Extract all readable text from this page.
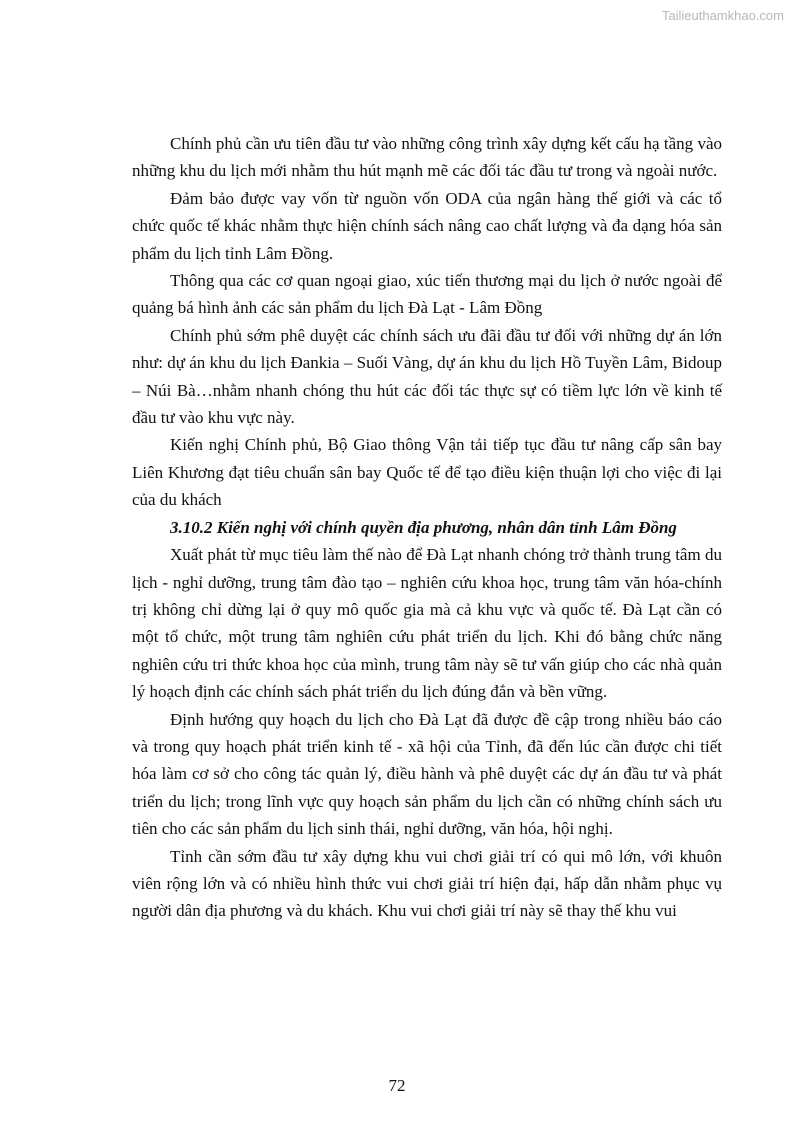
Tailieuthamkhao.com

Chính phủ cần ưu tiên đầu tư vào những công trình xây dựng kết cấu hạ tầng vào những khu du lịch mới nhằm thu hút mạnh mẽ các đối tác đầu tư trong và ngoài nước.

Đảm bảo được vay vốn từ nguồn vốn ODA của ngân hàng thế giới và các tổ chức quốc tế khác nhằm thực hiện chính sách nâng cao chất lượng và đa dạng hóa sản phẩm du lịch tỉnh Lâm Đồng.

Thông qua các cơ quan ngoại giao, xúc tiến thương mại du lịch ở nước ngoài để quảng bá hình ảnh các sản phẩm du lịch Đà Lạt - Lâm Đồng

Chính phủ sớm phê duyệt các chính sách ưu đãi đầu tư đối với những dự án lớn như: dự án khu du lịch Đankia – Suối Vàng, dự án khu du lịch Hồ Tuyền Lâm, Bidoup – Núi Bà…nhằm nhanh chóng thu hút các đối tác thực sự có tiềm lực lớn về kinh tế đầu tư vào khu vực này.

Kiến nghị Chính phủ, Bộ Giao thông Vận tải tiếp tục đầu tư nâng cấp sân bay Liên Khương đạt tiêu chuẩn sân bay Quốc tế để tạo điều kiện thuận lợi cho việc đi lại của du khách

3.10.2 Kiến nghị với chính quyền địa phương, nhân dân tỉnh Lâm Đồng

Xuất phát từ mục tiêu làm thế nào để Đà Lạt nhanh chóng trở thành trung tâm du lịch - nghỉ dưỡng, trung tâm đào tạo – nghiên cứu khoa học, trung tâm văn hóa-chính trị không chỉ dừng lại ở quy mô quốc gia mà cả khu vực và quốc tế. Đà Lạt cần có một tổ chức, một trung tâm nghiên cứu phát triển du lịch. Khi đó bằng chức năng nghiên cứu tri thức khoa học của mình, trung tâm này sẽ tư vấn giúp cho các nhà quản lý hoạch định các chính sách phát triển du lịch đúng đắn và bền vững.

Định hướng quy hoạch du lịch cho Đà Lạt đã được đề cập trong nhiều báo cáo và trong quy hoạch phát triển kinh tế - xã hội của Tỉnh, đã đến lúc cần được chi tiết hóa làm cơ sở cho công tác quản lý, điều hành và phê duyệt các dự án đầu tư và phát triển du lịch; trong lĩnh vực quy hoạch sản phẩm du lịch cần có những chính sách ưu tiên cho các sản phẩm du lịch sinh thái, nghỉ dưỡng, văn hóa, hội nghị.

Tỉnh cần sớm đầu tư xây dựng khu vui chơi giải trí có qui mô lớn, với khuôn viên rộng lớn và có nhiều hình thức vui chơi giải trí hiện đại, hấp dẫn nhằm phục vụ người dân địa phương và du khách. Khu vui chơi giải trí này sẽ thay thế khu vui

72
